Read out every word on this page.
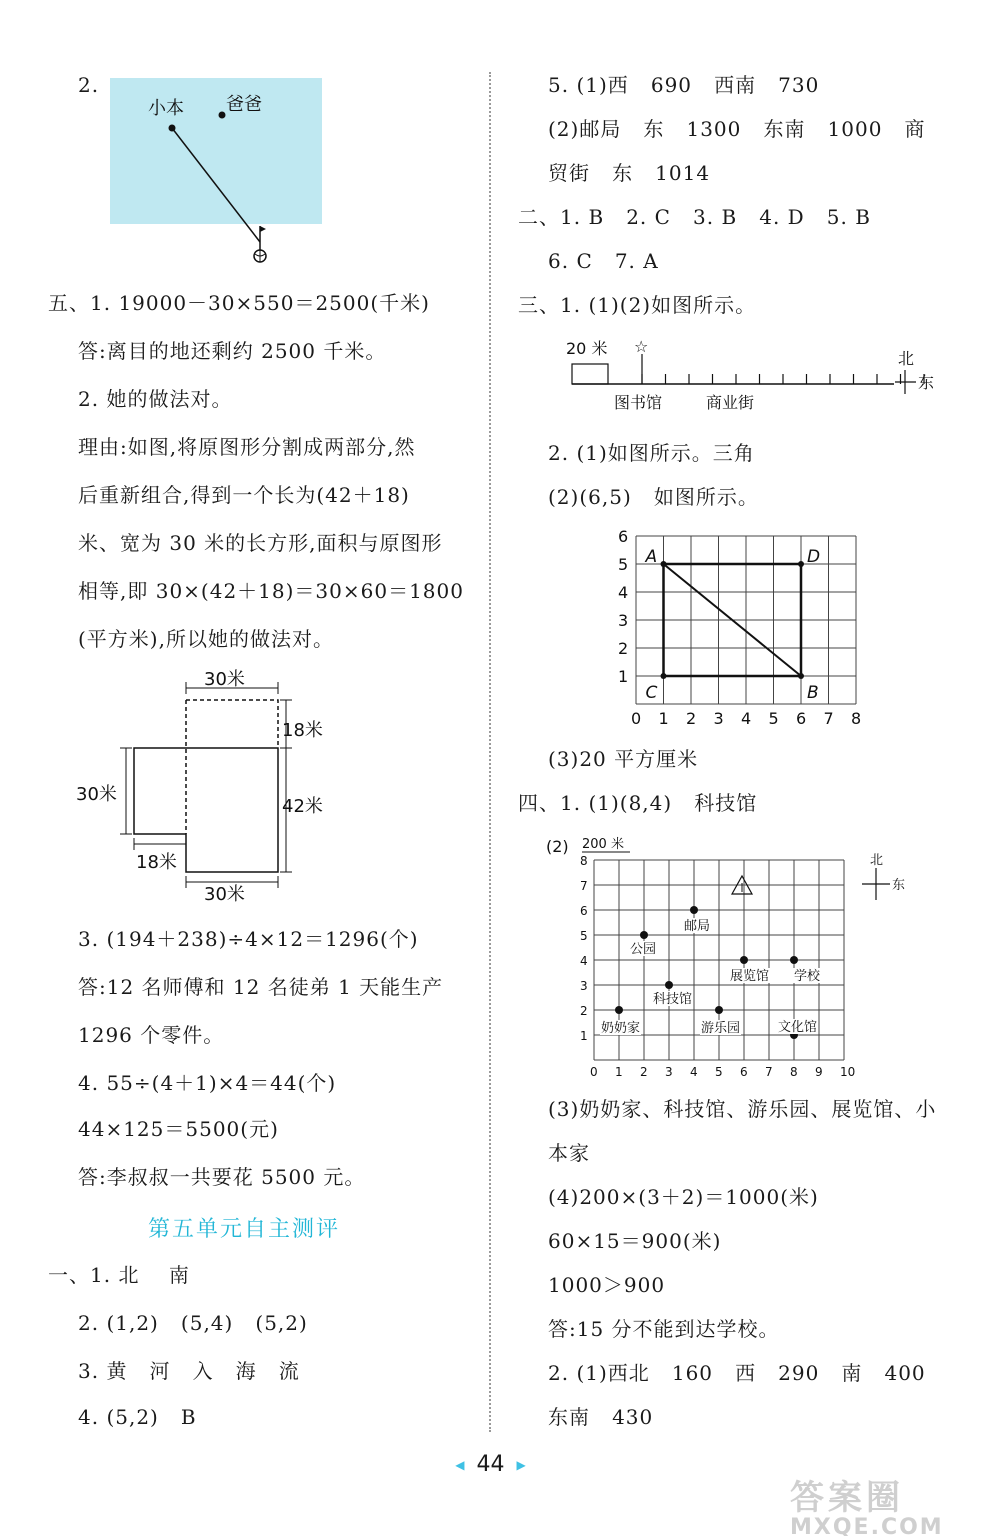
2.
小本 爸爸
五、1. 19000－30×550＝2500(千米)
答:离目的地还剩约 2500 千米。
2. 她的做法对。
理由:如图,将原图形分割成两部分,然
后重新组合,得到一个长为(42＋18)
米、宽为 30 米的长方形,面积与原图形
相等,即 30×(42＋18)＝30×60＝1800
(平方米),所以她的做法对。
30米
18米
42米
30米
18米
30米
3. (194＋238)÷4×12＝1296(个)
答:12 名师傅和 12 名徒弟 1 天能生产
1296 个零件。
4. 55÷(4＋1)×4＝44(个)
44×125＝5500(元)
答:李叔叔一共要花 5500 元。
第五单元自主测评
一、1. 北    南
2. (1,2)   (5,4)   (5,2)
3. 黄   河   入   海   流
4. (5,2)   B
5. (1)西   690   西南   730
(2)邮局   东   1300   东南   1000   商
贸街   东   1014
二、1. B   2. C   3. B   4. D   5. B
6. C   7. A
三、1. (1)(2)如图所示。
20 米 ☆
图书馆	商业街
北
东
2. (1)如图所示。三角
(2)(6,5)   如图所示。
0 1 2 3 4 5 6 7 8
1
2
3
4
5
6
A	D
C	B
(3)20 平方厘米
四、1. (1)(8,4)   科技馆
(2) 200 米
0 1 2 3 4 5 6 7 8 9 10
1
2
3
4
5
6
7
8
公园
邮局
展览馆 学校
科技馆
奶奶家	游乐园	文化馆
北
东
(3)奶奶家、科技馆、游乐园、展览馆、小
本家
(4)200×(3＋2)＝1000(米)
60×15＝900(米)
1000＞900
答:15 分不能到达学校。
2. (1)西北   160   西   290   南   400
东南   430
◀ 44 ▶
答案圈
MXQE.COM
